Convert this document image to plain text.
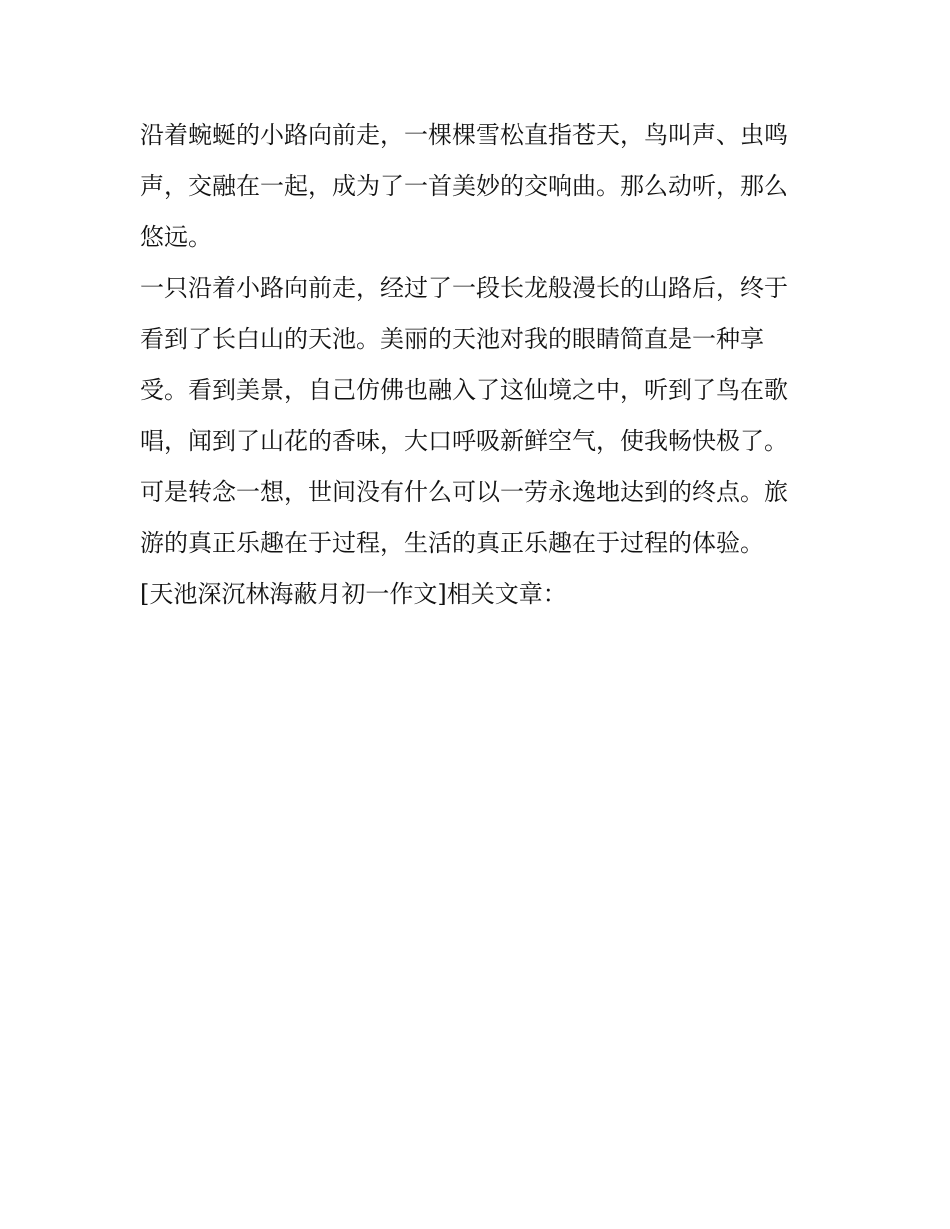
沿着蜿蜒的小路向前走，一棵棵雪松直指苍天，鸟叫声、虫鸣
声，交融在一起，成为了一首美妙的交响曲。那么动听，那么
悠远。
一只沿着小路向前走，经过了一段长龙般漫长的山路后，终于
看到了长白山的天池。美丽的天池对我的眼睛简直是一种享
受。看到美景，自己仿佛也融入了这仙境之中，听到了鸟在歌
唱，闻到了山花的香味，大口呼吸新鲜空气，使我畅快极了。
可是转念一想，世间没有什么可以一劳永逸地达到的终点。旅
游的真正乐趣在于过程，生活的真正乐趣在于过程的体验。
[天池深沉林海蔽月初一作文]相关文章：
